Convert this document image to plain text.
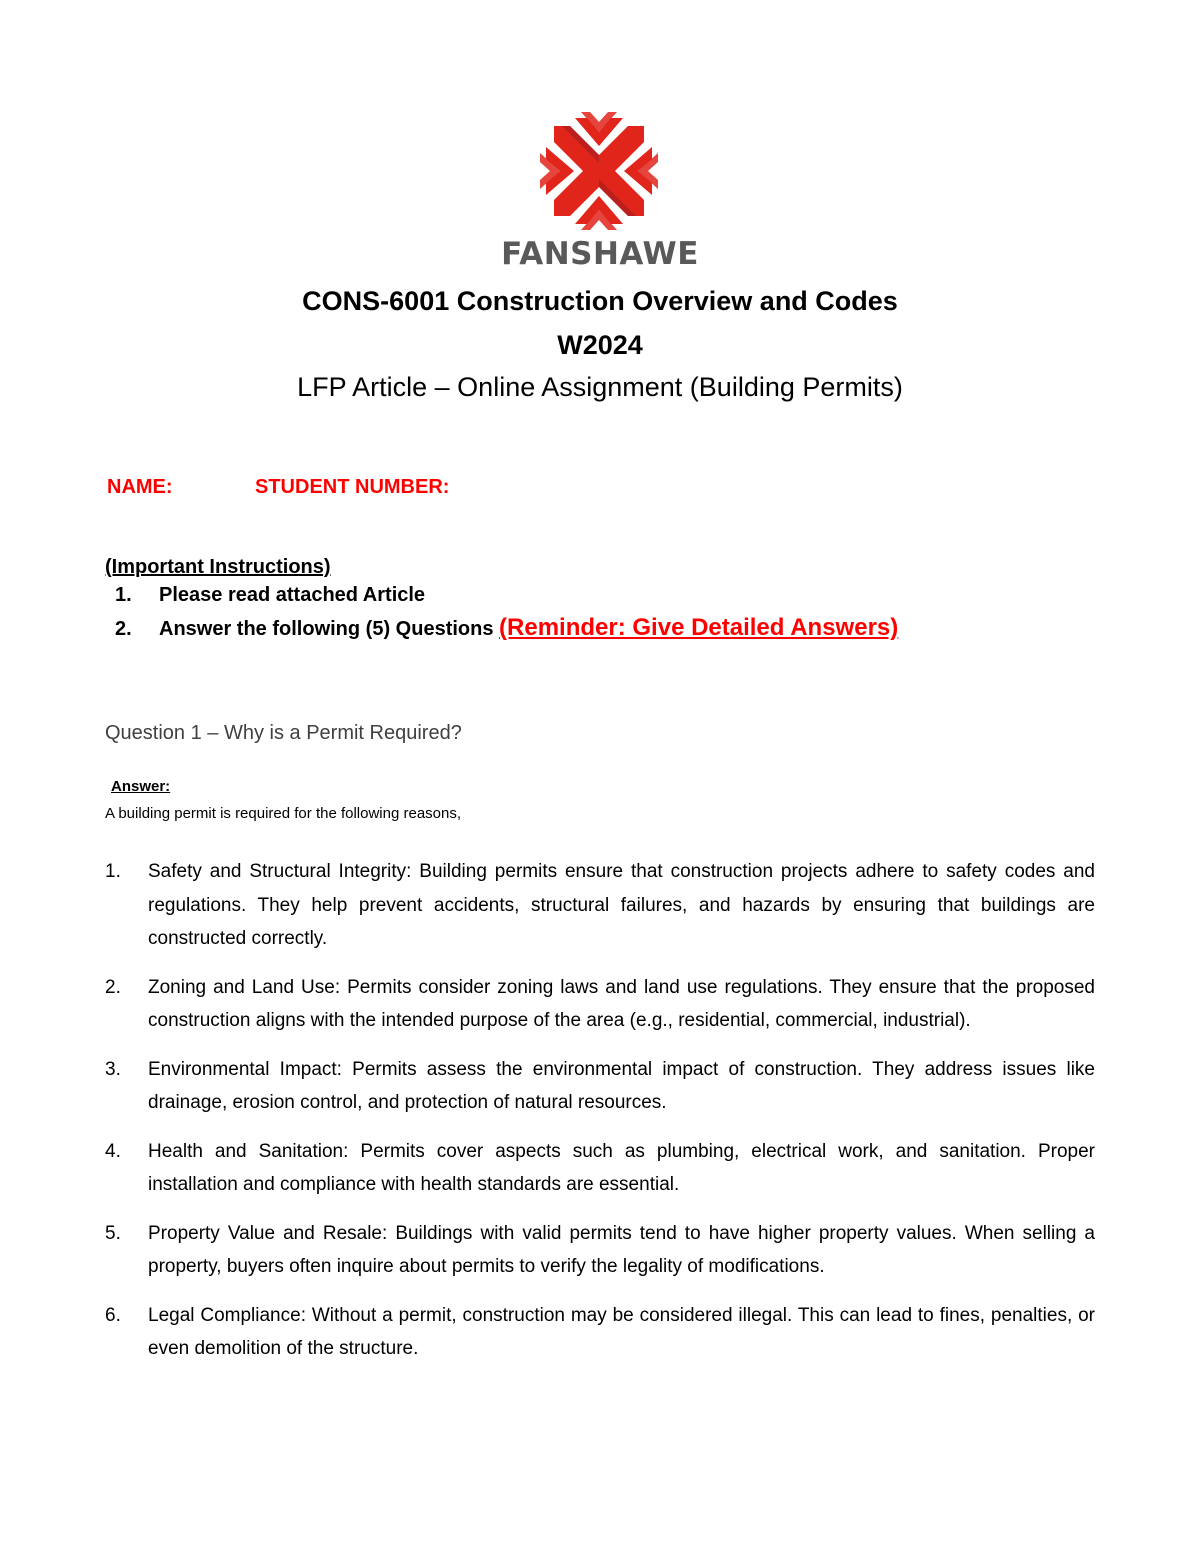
FANSHAWE
CONS-6001 Construction Overview and Codes
W2024
LFP Article – Online Assignment (Building Permits)
NAME:	STUDENT NUMBER:
(Important Instructions)
1. Please read attached Article
2. Answer the following (5) Questions (Reminder: Give Detailed Answers)
Question 1 – Why is a Permit Required?
Answer:
A building permit is required for the following reasons,
1.	Safety and Structural Integrity: Building permits ensure that construction projects adhere to safety codes and regulations. They help prevent accidents, structural failures, and hazards by ensuring that buildings are constructed correctly.
2.	Zoning and Land Use: Permits consider zoning laws and land use regulations. They ensure that the proposed construction aligns with the intended purpose of the area (e.g., residential, commercial, industrial).
3.	Environmental Impact: Permits assess the environmental impact of construction. They address issues like drainage, erosion control, and protection of natural resources.
4.	Health and Sanitation: Permits cover aspects such as plumbing, electrical work, and sanitation. Proper installation and compliance with health standards are essential.
5.	Property Value and Resale: Buildings with valid permits tend to have higher property values. When selling a property, buyers often inquire about permits to verify the legality of modifications.
6.	Legal Compliance: Without a permit, construction may be considered illegal. This can lead to fines, penalties, or even demolition of the structure.
